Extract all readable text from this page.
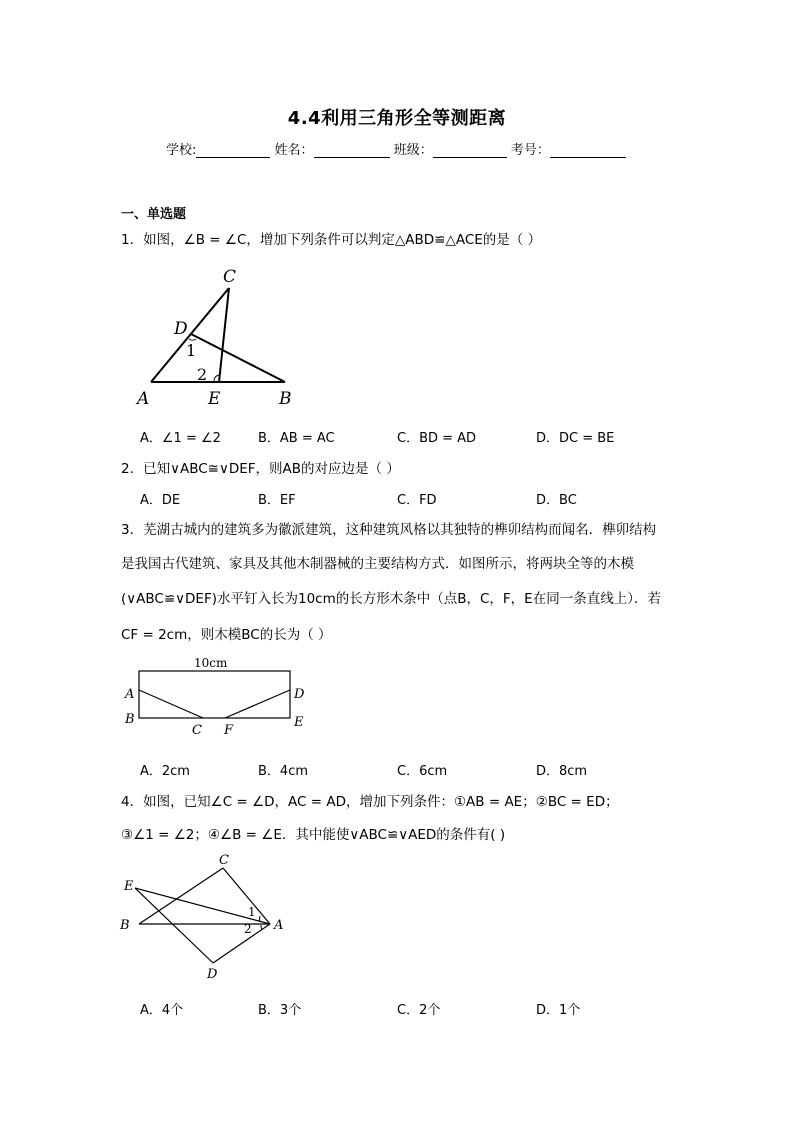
4.4利用三角形全等测距离
学校:	姓名：	班级：	考号：
一、单选题
1．如图，∠B = ∠C，增加下列条件可以判定△ABD≌△ACE的是（ ）
C
D
1
2
A	E	B
A．∠1 = ∠2	B．AB = AC	C．BD = AD	D．DC = BE
2．已知∨ABC≅∨DEF，则AB的对应边是（ ）
A．DE	B．EF	C．FD	D．BC
3．芜湖古城内的建筑多为徽派建筑，这种建筑风格以其独特的榫卯结构而闻名．榫卯结构
是我国古代建筑、家具及其他木制器械的主要结构方式．如图所示，将两块全等的木模
(∨ABC≌∨DEF)水平钉入长为10cm的长方形木条中（点B，C，F，E在同一条直线上）．若
CF = 2cm，则木模BC的长为（ ）
10cm
A
B
C F
D
E
A．2cm	B．4cm	C．6cm	D．8cm
4．如图，已知∠C = ∠D，AC = AD，增加下列条件：①AB = AE；②BC = ED；
③∠1 = ∠2；④∠B = ∠E．其中能使∨ABC≌∨AED的条件有( )
C
E
B
1
2 A
D
A．4个	B．3个	C．2个	D．1个
